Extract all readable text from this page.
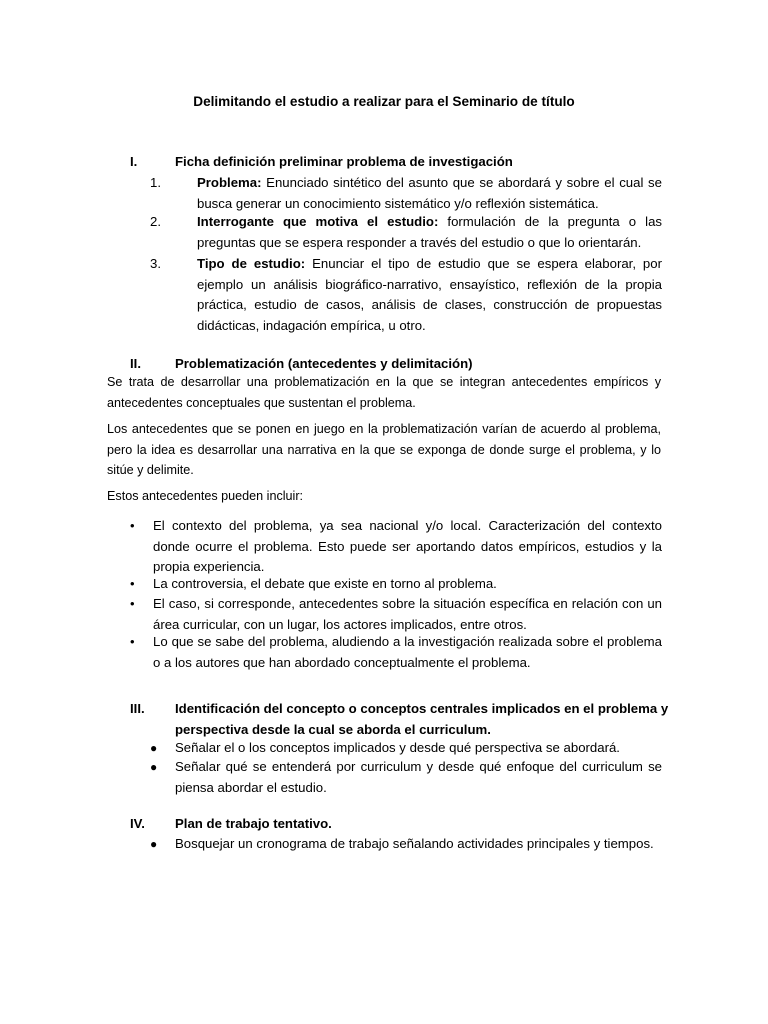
Delimitando el estudio a realizar para el Seminario de título
I.	Ficha definición preliminar problema de investigación
1.	Problema: Enunciado sintético del asunto que se abordará y sobre el cual se busca generar un conocimiento sistemático y/o reflexión sistemática.
2.	Interrogante que motiva el estudio: formulación de la pregunta o las preguntas que se espera responder a través del estudio o que lo orientarán.
3.	Tipo de estudio: Enunciar el tipo de estudio que se espera elaborar, por ejemplo un análisis biográfico-narrativo, ensayístico, reflexión de la propia práctica, estudio de casos, análisis de clases, construcción de propuestas didácticas, indagación empírica, u otro.
II.	Problematización (antecedentes y delimitación)
Se trata de desarrollar una problematización en la que se integran antecedentes empíricos y antecedentes conceptuales que sustentan el problema.
Los antecedentes que se ponen en juego en la problematización varían de acuerdo al problema, pero la idea es desarrollar una narrativa en la que se exponga de donde surge el problema, y lo sitúe y delimite.
Estos antecedentes pueden incluir:
• El contexto del problema, ya sea nacional y/o local. Caracterización del contexto donde ocurre el problema. Esto puede ser aportando datos empíricos, estudios y la propia experiencia.
• La controversia, el debate que existe en torno al problema.
• El caso, si corresponde, antecedentes sobre la situación específica en relación con un área curricular, con un lugar, los actores implicados, entre otros.
• Lo que se sabe del problema, aludiendo a la investigación realizada sobre el problema o a los autores que han abordado conceptualmente el problema.
III. Identificación del concepto o conceptos centrales implicados en el problema y perspectiva desde la cual se aborda el curriculum.
● Señalar el o los conceptos implicados y desde qué perspectiva se abordará.
● Señalar qué se entenderá por curriculum y desde qué enfoque del curriculum se piensa abordar el estudio.
IV. Plan de trabajo tentativo.
● Bosquejar un cronograma de trabajo señalando actividades principales y tiempos.
